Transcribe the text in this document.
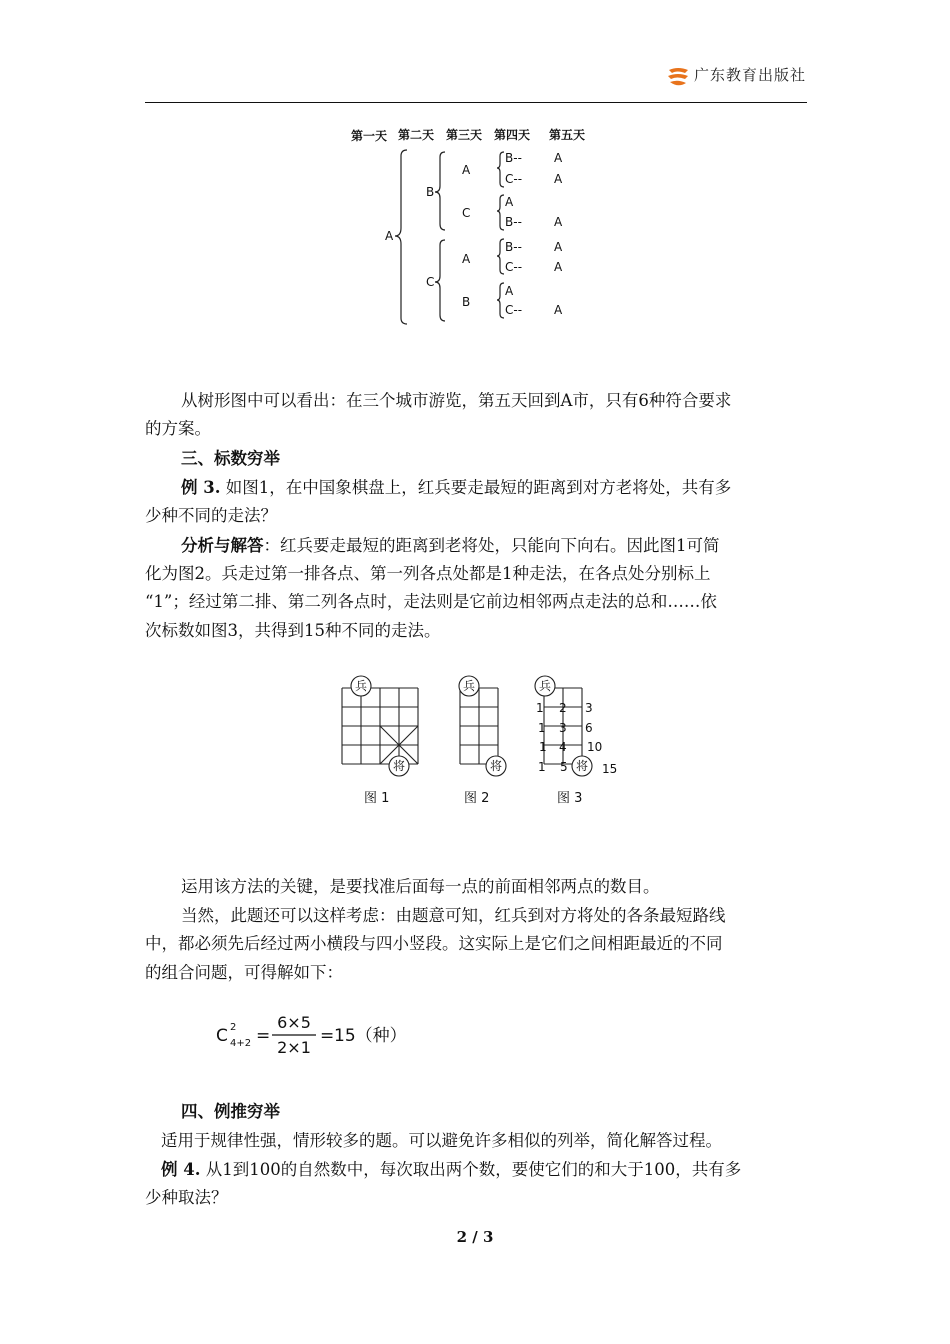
广东教育出版社
第一天 第二天 第三天 第四天 第五天
A
B
C
A
C
A
B
B--
C--
A
B--
B--
C--
A
C--
A
A
A
A
A
A
从树形图中可以看出：在三个城市游览，第五天回到A市，只有6种符合要求
的方案。
三、标数穷举
例 3. 如图1，在中国象棋盘上，红兵要走最短的距离到对方老将处，共有多
少种不同的走法？
分析与解答：红兵要走最短的距离到老将处，只能向下向右。因此图1可简
化为图2。兵走过第一排各点、第一列各点处都是1种走法，在各点处分别标上
“1”；经过第二排、第二列各点时，走法则是它前边相邻两点走法的总和……依
次标数如图3，共得到15种不同的走法。
兵
将
兵
将
兵
将
1
1
1
1
2
3
4
5
3
6
10
15
图 1	图 2	图 3
运用该方法的关键，是要找准后面每一点的前面相邻两点的数目。
当然，此题还可以这样考虑：由题意可知，红兵到对方将处的各条最短路线
中，都必须先后经过两小横段与四小竖段。这实际上是它们之间相距最近的不同
的组合问题，可得解如下：
C 2
4+2 =
6×5
2×1
= 15（种）
四、例推穷举
适用于规律性强，情形较多的题。可以避免许多相似的列举，简化解答过程。
例 4. 从1到100的自然数中，每次取出两个数，要使它们的和大于100，共有多
少种取法？
2 / 3
